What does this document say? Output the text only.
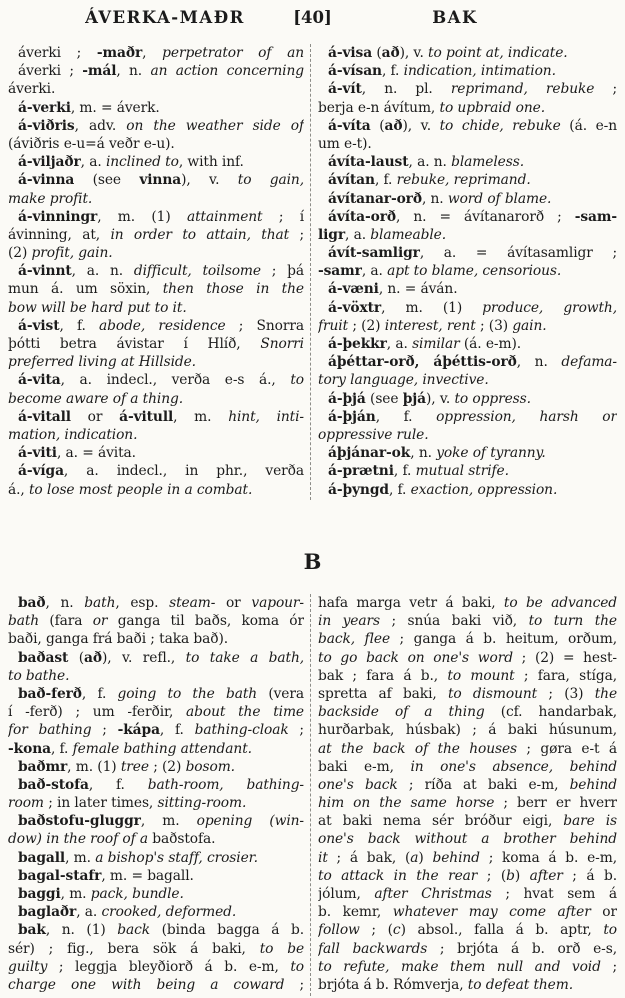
ÁVERKA-MAÐR	[40]	BAK
áverki ; -maðr, perpetrator of an
áverki ; -mál, n. an action concerning
áverki.
á-verki, m. = áverk.
á-viðris, adv. on the weather side of
(áviðris e-u=á veðr e-u).
á-viljaðr, a. inclined to, with inf.
á-vinna (see vinna), v. to gain,
make profit.
á-vinningr, m. (1) attainment ; í
ávinning, at, in order to attain, that ;
(2) profit, gain.
á-vinnt, a. n. difficult, toilsome ; þá
mun á. um söxin, then those in the
bow will be hard put to it.
á-vist, f. abode, residence ; Snorra
þótti betra ávistar í Hlíð, Snorri
preferred living at Hillside.
á-vita, a. indecl., verða e-s á., to
become aware of a thing.
á-vitall or á-vitull, m. hint, inti-
mation, indication.
á-viti, a. = ávita.
á-víga, a. indecl., in phr., verða
á., to lose most people in a combat.
á-visa (að), v. to point at, indicate.
á-vísan, f. indication, intimation.
á-vít, n. pl. reprimand, rebuke ;
berja e-n ávítum, to upbraid one.
á-víta (að), v. to chide, rebuke (á. e-n
um e-t).
ávíta-laust, a. n. blameless.
ávítan, f. rebuke, reprimand.
ávítanar-orð, n. word of blame.
ávíta-orð, n. = ávítanarorð ; -sam-
ligr, a. blameable.
ávít-samligr, a. = ávítasamligr ;
-samr, a. apt to blame, censorious.
á-væni, n. = áván.
á-vöxtr, m. (1) produce, growth,
fruit ; (2) interest, rent ; (3) gain.
á-þekkr, a. similar (á. e-m).
áþéttar-orð, áþéttis-orð, n. defama-
tory language, invective.
á-þjá (see þjá), v. to oppress.
á-þján, f. oppression, harsh or
oppressive rule.
áþjánar-ok, n. yoke of tyranny.
á-prætni, f. mutual strife.
á-þyngd, f. exaction, oppression.
B
bað, n. bath, esp. steam- or vapour-
bath (fara or ganga til baðs, koma ór
baði, ganga frá baði ; taka bað).
baðast (að), v. refl., to take a bath,
to bathe.
bað-ferð, f. going to the bath (vera
í -ferð) ; um -ferðir, about the time
for bathing ; -kápa, f. bathing-cloak ;
-kona, f. female bathing attendant.
baðmr, m. (1) tree ; (2) bosom.
bað-stofa, f. bath-room, bathing-
room ; in later times, sitting-room.
baðstofu-gluggr, m. opening (win-
dow) in the roof of a baðstofa.
bagall, m. a bishop's staff, crosier.
bagal-stafr, m. = bagall.
baggi, m. pack, bundle.
baglaðr, a. crooked, deformed.
bak, n. (1) back (binda bagga á b.
sér) ; fig., bera sök á baki, to be
guilty ; leggja bleyðiorð á b. e-m, to
charge one with being a coward ;
hafa marga vetr á baki, to be advanced
in years ; snúa baki við, to turn the
back, flee ; ganga á b. heitum, orðum,
to go back on one's word ; (2) = hest-
bak ; fara á b., to mount ; fara, stíga,
spretta af baki, to dismount ; (3) the
backside of a thing (cf. handarbak,
hurðarbak, húsbak) ; á baki húsunum,
at the back of the houses ; gøra e-t á
baki e-m, in one's absence, behind
one's back ; ríða at baki e-m, behind
him on the same horse ; berr er hverr
at baki nema sér bróður eigi, bare is
one's back without a brother behind
it ; á bak, (a) behind ; koma á b. e-m,
to attack in the rear ; (b) after ; á b.
jólum, after Christmas ; hvat sem á
b. kemr, whatever may come after or
follow ; (c) absol., falla á b. aptr, to
fall backwards ; brjóta á b. orð e-s,
to refute, make them null and void ;
brjóta á b. Rómverja, to defeat them.
